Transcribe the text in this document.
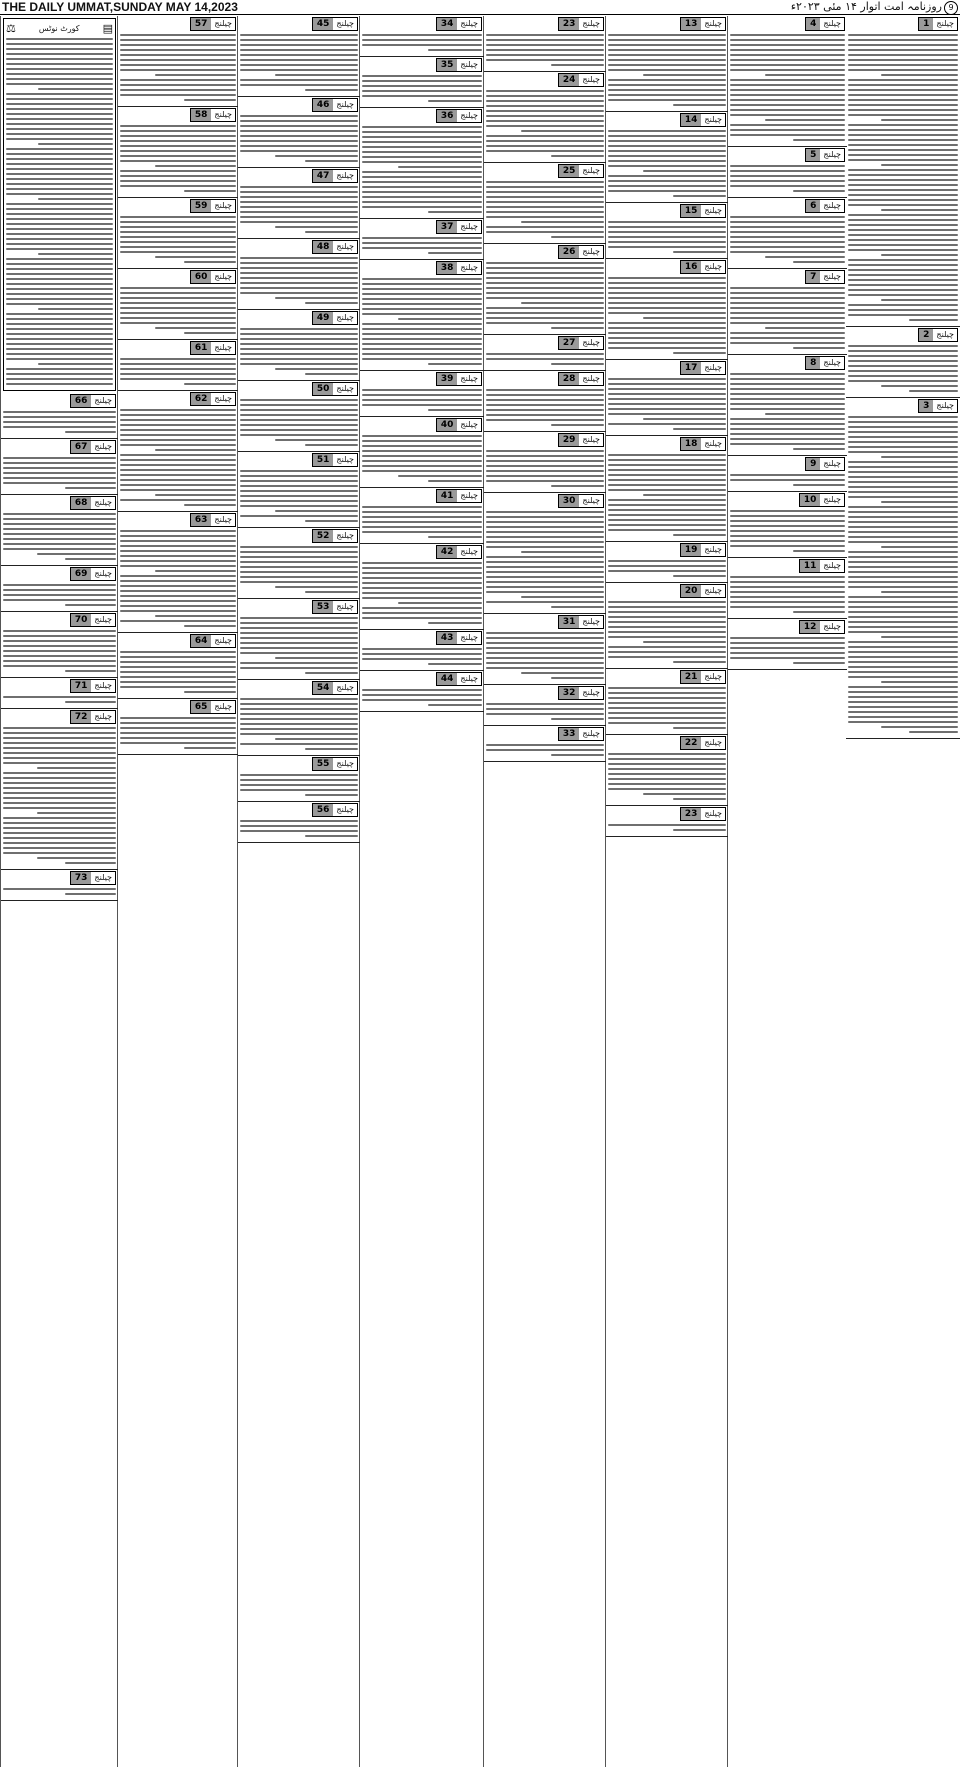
THE DAILY UMMAT,SUNDAY MAY 14,2023	روزنامہ امت اتوار ۱۴ مئی ۲۰۲۳ء 9
چیلنج
1
چیلنج
2
چیلنج
3
چیلنج
4
چیلنج
5
چیلنج
6
چیلنج
7
چیلنج
8
چیلنج
9
چیلنج
10
چیلنج
11
چیلنج
12
چیلنج
13
چیلنج
14
چیلنج
15
چیلنج
16
چیلنج
17
چیلنج
18
چیلنج
19
چیلنج
20
چیلنج
21
چیلنج
22
چیلنج
23
چیلنج
23
چیلنج
24
چیلنج
25
چیلنج
26
چیلنج
27
چیلنج
28
چیلنج
29
چیلنج
30
چیلنج
31
چیلنج
32
چیلنج
33
چیلنج
34
چیلنج
35
چیلنج
36
چیلنج
37
چیلنج
38
چیلنج
39
چیلنج
40
چیلنج
41
چیلنج
42
چیلنج
43
چیلنج
44
چیلنج
45
چیلنج
46
چیلنج
47
چیلنج
48
چیلنج
49
چیلنج
50
چیلنج
51
چیلنج
52
چیلنج
53
چیلنج
54
چیلنج
55
چیلنج
56
چیلنج
57
چیلنج
58
چیلنج
59
چیلنج
60
چیلنج
61
چیلنج
62
چیلنج
63
چیلنج
64
چیلنج
65
⚖	کورٹ نوٹس ▤
چیلنج
66
چیلنج
67
چیلنج
68
چیلنج
69
چیلنج
70
چیلنج
71
چیلنج
72
چیلنج
73
